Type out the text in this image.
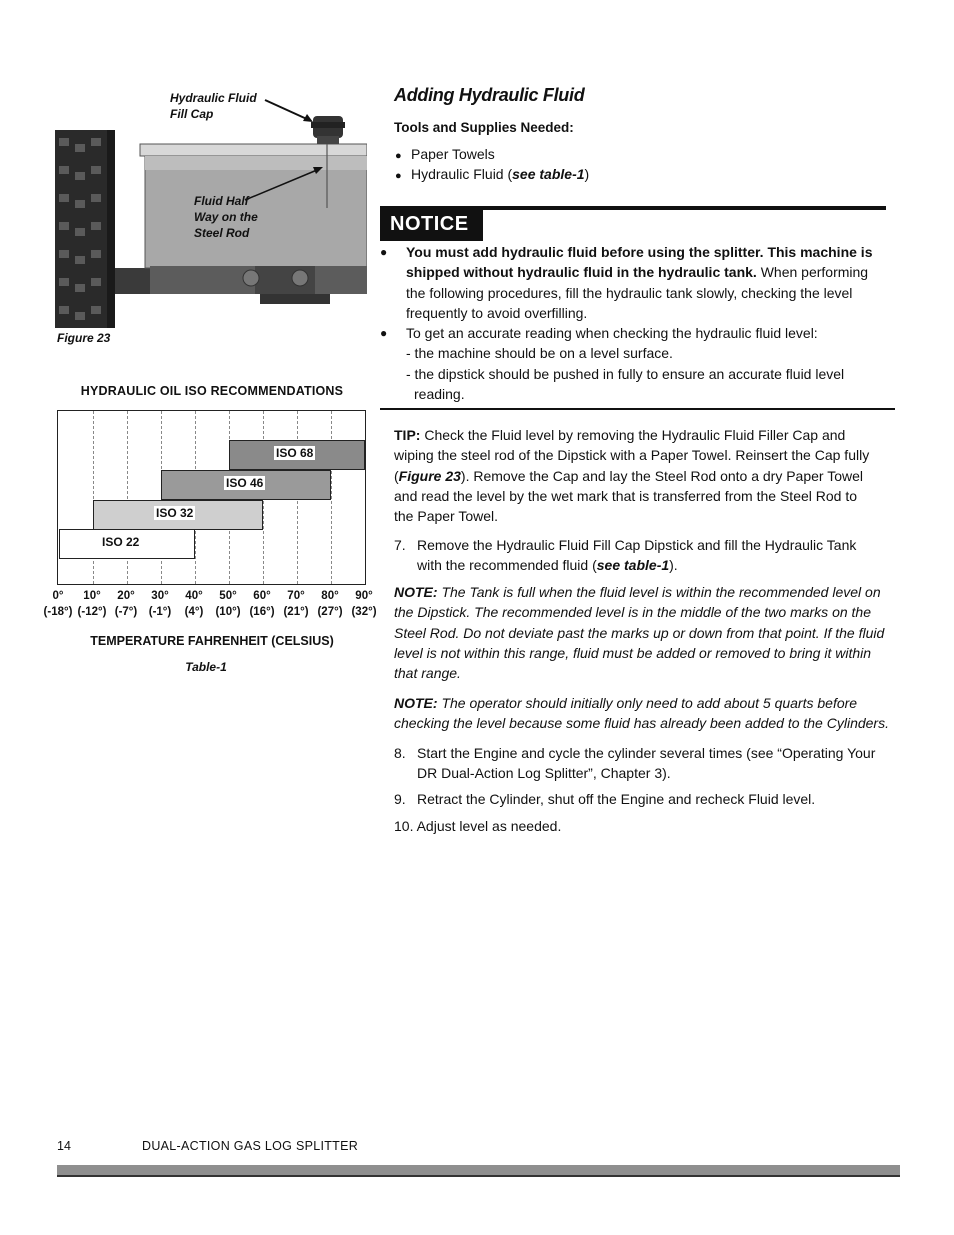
Hydraulic Fluid
Fill Cap
Fluid Half
Way on the
Steel Rod
Figure 23
HYDRAULIC OIL ISO RECOMMENDATIONS
ISO 22
ISO 32
ISO 46
ISO 68
0°
(-18°)
10°
(-12°)
20°
(-7°)
30°
(-1°)
40°
(4°)
50°
(10°)
60°
(16°)
70°
(21°)
80°
(27°)
90°
(32°)
TEMPERATURE FAHRENHEIT (CELSIUS)
Table-1
Adding Hydraulic Fluid
Tools and Supplies Needed:
● Paper Towels
● Hydraulic Fluid (see table-1)
NOTICE
● You must add hydraulic fluid before using the splitter. This machine is
shipped without hydraulic fluid in the hydraulic tank. When performing
the following procedures, fill the hydraulic tank slowly, checking the level
frequently to avoid overfilling.
● To get an accurate reading when checking the hydraulic fluid level:
- the machine should be on a level surface.
- the dipstick should be pushed in fully to ensure an accurate fluid level
reading.
TIP: Check the Fluid level by removing the Hydraulic Fluid Filler Cap and
wiping the steel rod of the Dipstick with a Paper Towel. Reinsert the Cap fully
(Figure 23). Remove the Cap and lay the Steel Rod onto a dry Paper Towel
and read the level by the wet mark that is transferred from the Steel Rod to
the Paper Towel.
7. Remove the Hydraulic Fluid Fill Cap Dipstick and fill the Hydraulic Tank
with the recommended fluid (see table-1).
NOTE: The Tank is full when the fluid level is within the recommended level on
the Dipstick. The recommended level is in the middle of the two marks on the
Steel Rod. Do not deviate past the marks up or down from that point. If the fluid
level is not within this range, fluid must be added or removed to bring it within
that range.
NOTE: The operator should initially only need to add about 5 quarts before
checking the level because some fluid has already been added to the Cylinders.
8. Start the Engine and cycle the cylinder several times (see “Operating Your
DR Dual-Action Log Splitter”, Chapter 3).
9. Retract the Cylinder, shut off the Engine and recheck Fluid level.
10. Adjust level as needed.
14	DUAL-ACTION GAS LOG SPLITTER
